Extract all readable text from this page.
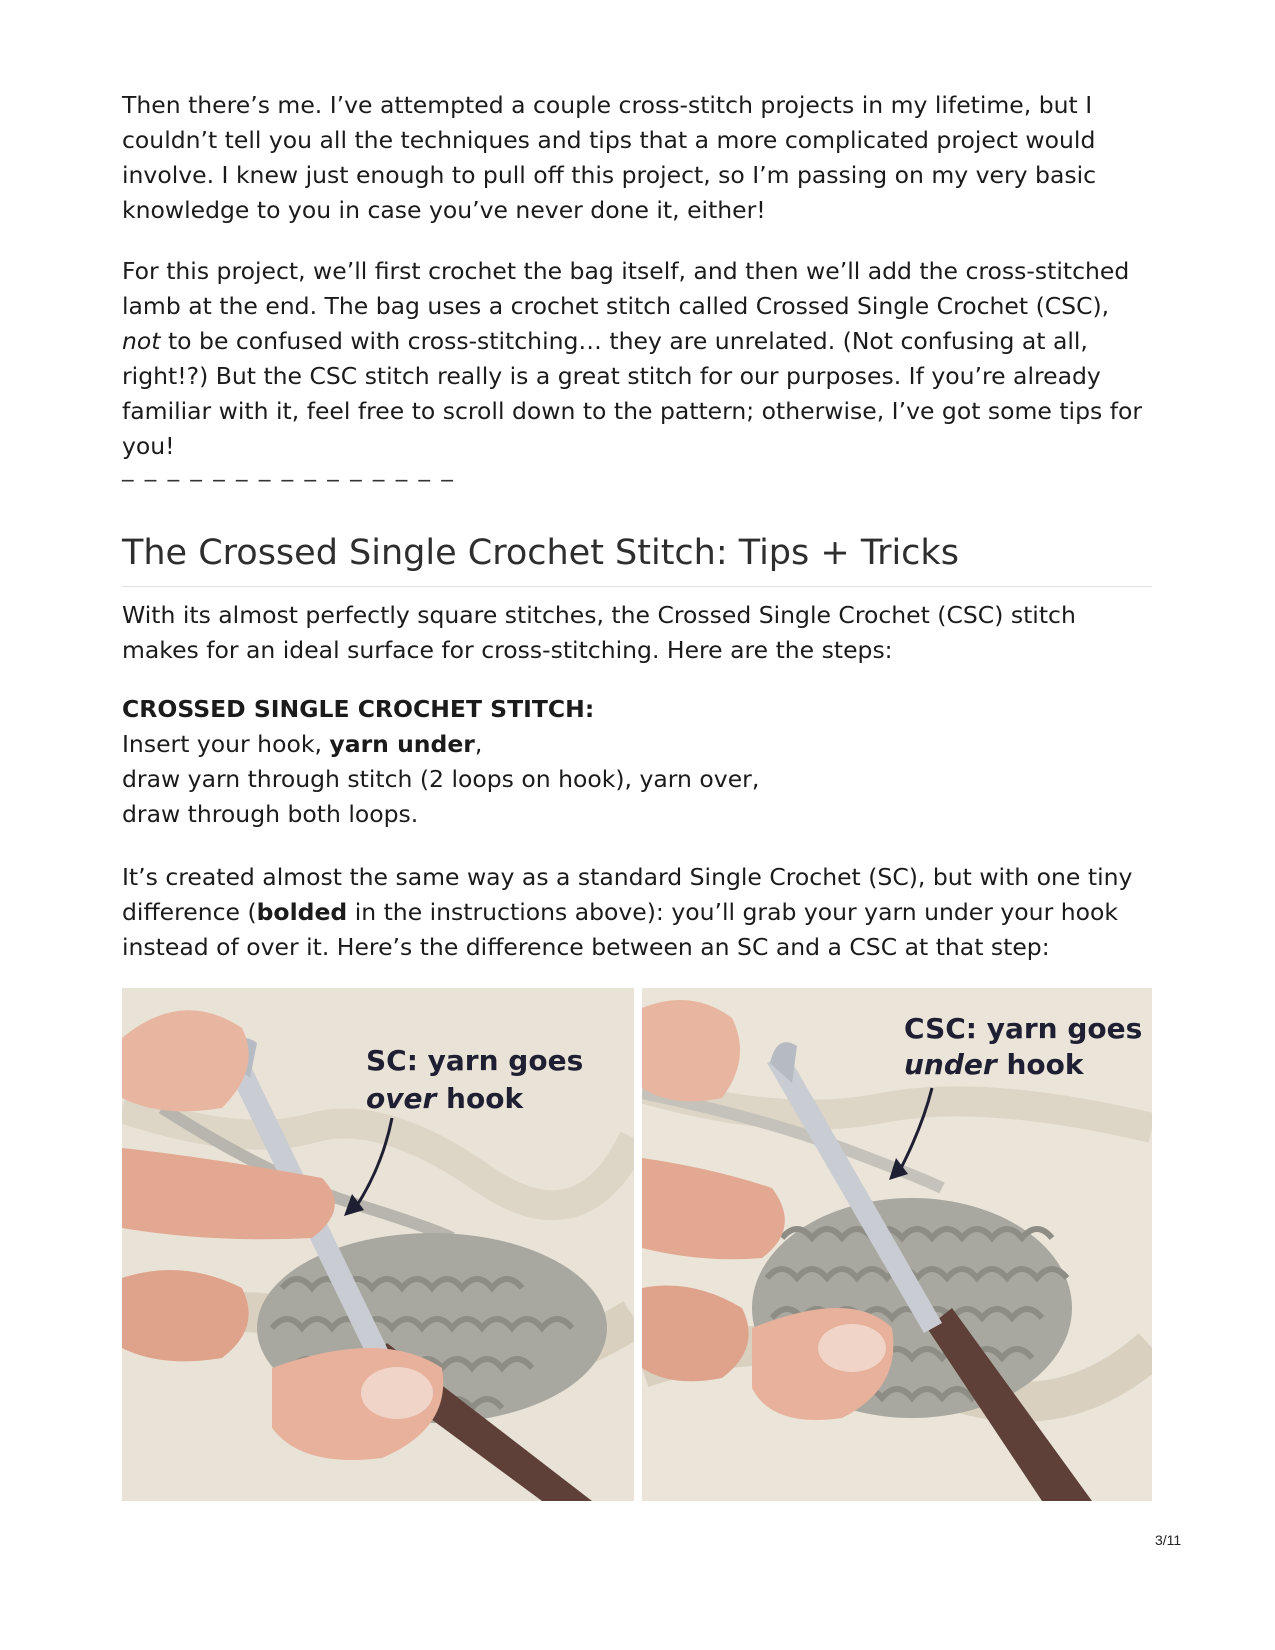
Then there’s me. I’ve attempted a couple cross-stitch projects in my lifetime, but I couldn’t tell you all the techniques and tips that a more complicated project would involve. I knew just enough to pull off this project, so I’m passing on my very basic knowledge to you in case you’ve never done it, either!

For this project, we’ll first crochet the bag itself, and then we’ll add the cross-stitched lamb at the end. The bag uses a crochet stitch called Crossed Single Crochet (CSC), not to be confused with cross-stitching… they are unrelated. (Not confusing at all, right!?) But the CSC stitch really is a great stitch for our purposes. If you’re already familiar with it, feel free to scroll down to the pattern; otherwise, I’ve got some tips for you!

_ _ _ _ _ _ _ _ _ _ _ _ _ _ _
The Crossed Single Crochet Stitch: Tips + Tricks

With its almost perfectly square stitches, the Crossed Single Crochet (CSC) stitch makes for an ideal surface for cross-stitching. Here are the steps:

CROSSED SINGLE CROCHET STITCH:
Insert your hook, yarn under,
draw yarn through stitch (2 loops on hook), yarn over,
draw through both loops.

It’s created almost the same way as a standard Single Crochet (SC), but with one tiny difference (bolded in the instructions above): you’ll grab your yarn under your hook instead of over it. Here’s the difference between an SC and a CSC at that step:

SC: yarn goes
over hook
CSC: yarn goes
under hook
3/11
